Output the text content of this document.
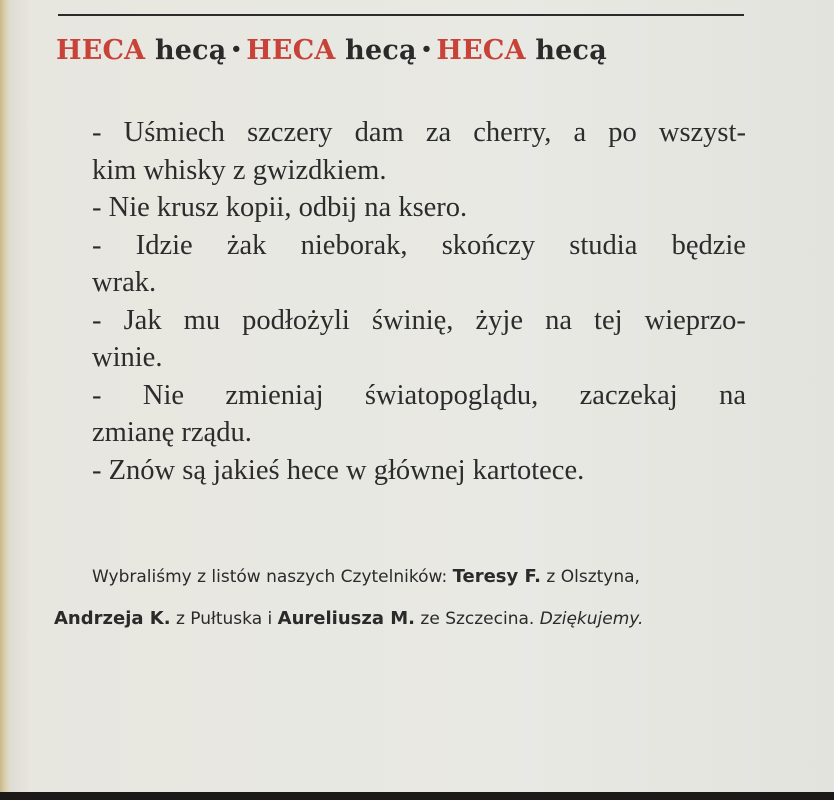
HECA hecą • HECA hecą • HECA hecą
- Uśmiech szczery dam za cherry, a po wszyst-
kim whisky z gwizdkiem.
- Nie krusz kopii, odbij na ksero.
- Idzie żak nieborak, skończy studia będzie
wrak.
- Jak mu podłożyli świnię, żyje na tej wieprzo-
winie.
- Nie zmieniaj światopoglądu, zaczekaj na
zmianę rządu.
- Znów są jakieś hece w głównej kartotece.
Wybraliśmy z listów naszych Czytelników: Teresy F. z Olsztyna,
Andrzeja K. z Pułtuska i Aureliusza M. ze Szczecina. Dziękujemy.
